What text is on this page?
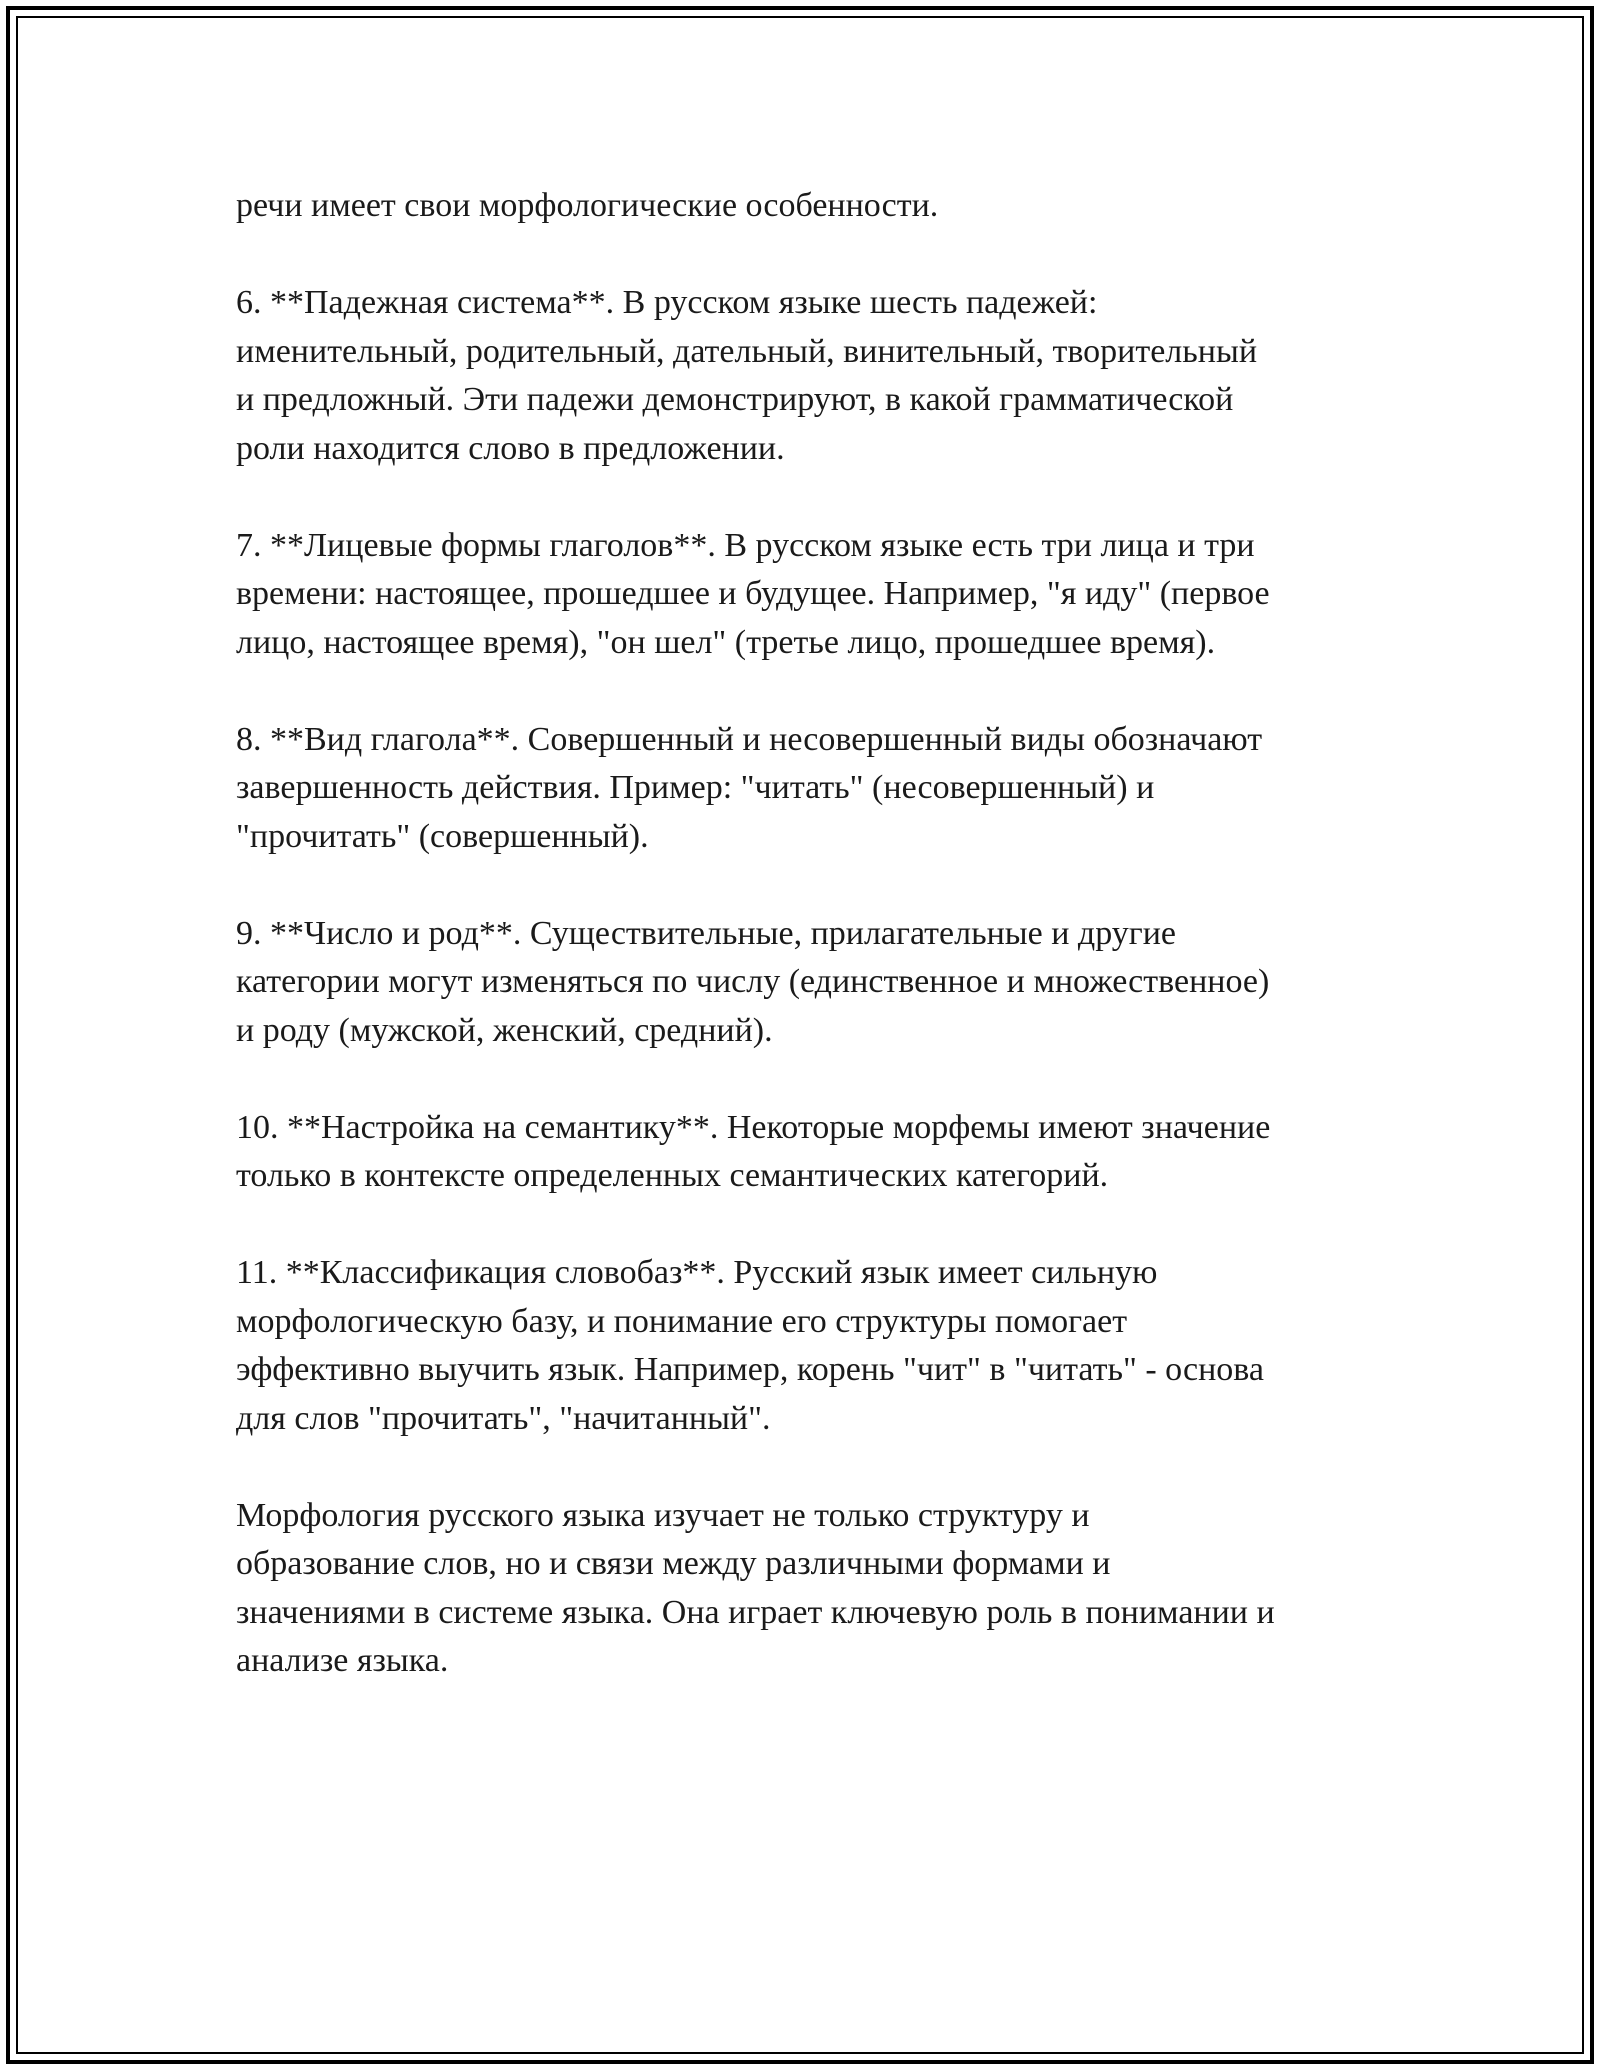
речи имеет свои морфологические особенности.

6. **Падежная система**. В русском языке шесть падежей:
именительный, родительный, дательный, винительный, творительный
и предложный. Эти падежи демонстрируют, в какой грамматической
роли находится слово в предложении.

7. **Лицевые формы глаголов**. В русском языке есть три лица и три
времени: настоящее, прошедшее и будущее. Например, "я иду" (первое
лицо, настоящее время), "он шел" (третье лицо, прошедшее время).

8. **Вид глагола**. Совершенный и несовершенный виды обозначают
завершенность действия. Пример: "читать" (несовершенный) и
"прочитать" (совершенный).

9. **Число и род**. Существительные, прилагательные и другие
категории могут изменяться по числу (единственное и множественное)
и роду (мужской, женский, средний).

10. **Настройка на семантику**. Некоторые морфемы имеют значение
только в контексте определенных семантических категорий.

11. **Классификация словобаз**. Русский язык имеет сильную
морфологическую базу, и понимание его структуры помогает
эффективно выучить язык. Например, корень "чит" в "читать" - основа
для слов "прочитать", "начитанный".

Морфология русского языка изучает не только структуру и
образование слов, но и связи между различными формами и
значениями в системе языка. Она играет ключевую роль в понимании и
анализе языка.
